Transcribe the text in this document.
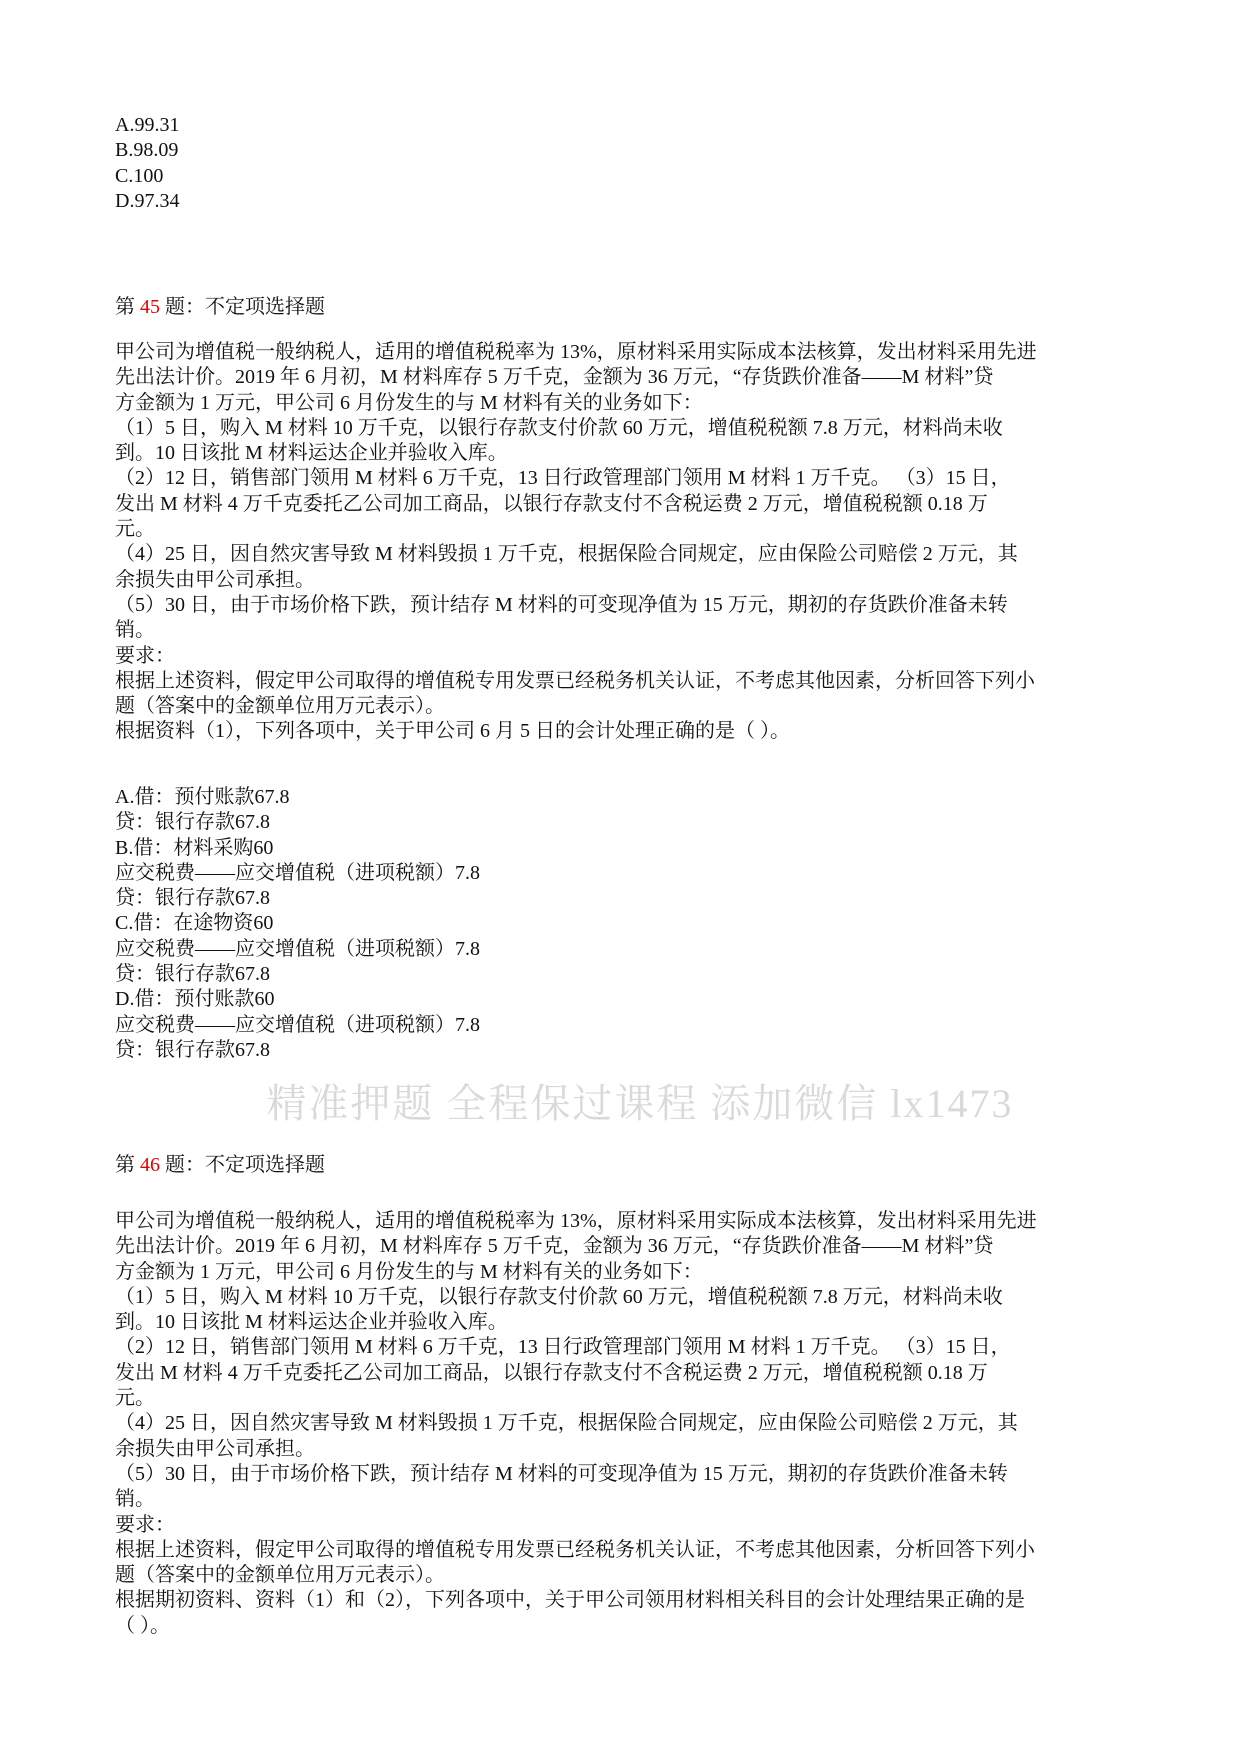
A.99.31
B.98.09
C.100
D.97.34
第 45 题：不定项选择题
甲公司为增值税一般纳税人，适用的增值税税率为 13%，原材料采用实际成本法核算，发出材料采用先进
先出法计价。2019 年 6 月初，M 材料库存 5 万千克，金额为 36 万元，“存货跌价准备——M 材料”贷
方金额为 1 万元，甲公司 6 月份发生的与 M 材料有关的业务如下：
（1）5 日，购入 M 材料 10 万千克，以银行存款支付价款 60 万元，增值税税额 7.8 万元，材料尚未收
到。10 日该批 M 材料运达企业并验收入库。
（2）12 日，销售部门领用 M 材料 6 万千克，13 日行政管理部门领用 M 材料 1 万千克。 （3）15 日，
发出 M 材料 4 万千克委托乙公司加工商品，以银行存款支付不含税运费 2 万元，增值税税额 0.18 万
元。
（4）25 日，因自然灾害导致 M 材料毁损 1 万千克，根据保险合同规定，应由保险公司赔偿 2 万元，其
余损失由甲公司承担。
（5）30 日，由于市场价格下跌，预计结存 M 材料的可变现净值为 15 万元，期初的存货跌价准备未转
销。
要求：
根据上述资料，假定甲公司取得的增值税专用发票已经税务机关认证，不考虑其他因素，分析回答下列小
题（答案中的金额单位用万元表示）。
根据资料（1），下列各项中，关于甲公司 6 月 5 日的会计处理正确的是（ ）。
A.借：预付账款67.8
贷：银行存款67.8
B.借：材料采购60
应交税费——应交增值税（进项税额）7.8
贷：银行存款67.8
C.借：在途物资60
应交税费——应交增值税（进项税额）7.8
贷：银行存款67.8
D.借：预付账款60
应交税费——应交增值税（进项税额）7.8
贷：银行存款67.8
第 46 题：不定项选择题
甲公司为增值税一般纳税人，适用的增值税税率为 13%，原材料采用实际成本法核算，发出材料采用先进
先出法计价。2019 年 6 月初，M 材料库存 5 万千克，金额为 36 万元，“存货跌价准备——M 材料”贷
方金额为 1 万元，甲公司 6 月份发生的与 M 材料有关的业务如下：
（1）5 日，购入 M 材料 10 万千克，以银行存款支付价款 60 万元，增值税税额 7.8 万元，材料尚未收
到。10 日该批 M 材料运达企业并验收入库。
（2）12 日，销售部门领用 M 材料 6 万千克，13 日行政管理部门领用 M 材料 1 万千克。 （3）15 日，
发出 M 材料 4 万千克委托乙公司加工商品，以银行存款支付不含税运费 2 万元，增值税税额 0.18 万
元。
（4）25 日，因自然灾害导致 M 材料毁损 1 万千克，根据保险合同规定，应由保险公司赔偿 2 万元，其
余损失由甲公司承担。
（5）30 日，由于市场价格下跌，预计结存 M 材料的可变现净值为 15 万元，期初的存货跌价准备未转
销。
要求：
根据上述资料，假定甲公司取得的增值税专用发票已经税务机关认证，不考虑其他因素，分析回答下列小
题（答案中的金额单位用万元表示）。
根据期初资料、资料（1）和（2），下列各项中，关于甲公司领用材料相关科目的会计处理结果正确的是
（ ）。
精准押题 全程保过课程 添加微信 lx1473
